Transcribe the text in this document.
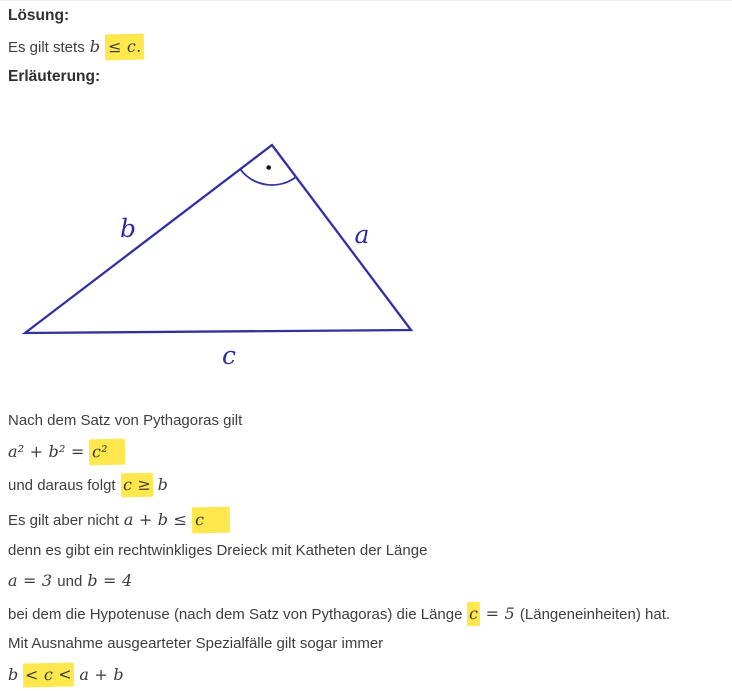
Lösung:
Es gilt stets b ≤ c.
Erläuterung:
b	a
c
Nach dem Satz von Pythagoras gilt
a² + b² = c²
und daraus folgt c ≥ b
Es gilt aber nicht a + b ≤ c
denn es gibt ein rechtwinkliges Dreieck mit Katheten der Länge
a = 3 und b = 4
bei dem die Hypotenuse (nach dem Satz von Pythagoras) die Länge c = 5 (Längeneinheiten) hat.
Mit Ausnahme ausgearteter Spezialfälle gilt sogar immer
b < c < a + b
